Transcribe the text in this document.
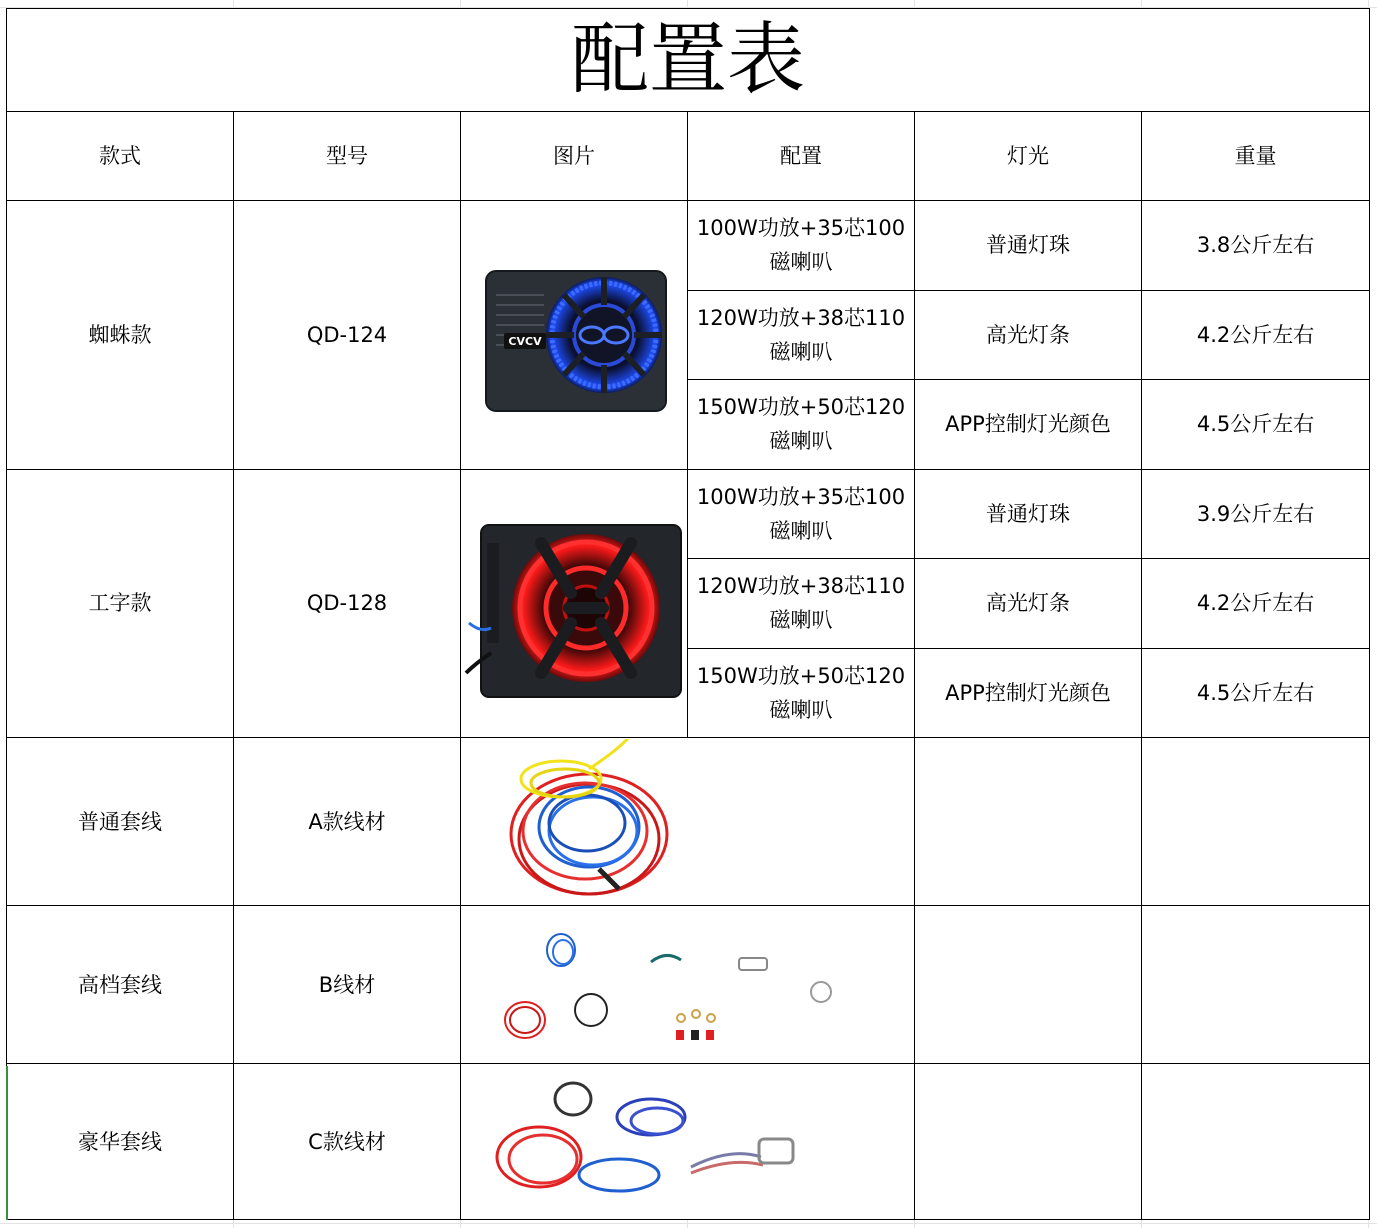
配置表					
款式	型号	图片	配置	灯光	重量
蜘蛛款	QD-124	CVCV	100W功放+35芯100
磁喇叭	普通灯珠	3.8公斤左右

			120W功放+38芯110
磁喇叭	高光灯条	4.2公斤左右

			150W功放+50芯120
磁喇叭	APP控制灯光颜色	4.5公斤左右
工字款	QD-128		100W功放+35芯100
磁喇叭	普通灯珠	3.9公斤左右

			120W功放+38芯110
磁喇叭	高光灯条	4.2公斤左右

			150W功放+50芯120
磁喇叭	APP控制灯光颜色	4.5公斤左右
普通套线	A款线材	

高档套线	B线材	

豪华套线	C款线材	
